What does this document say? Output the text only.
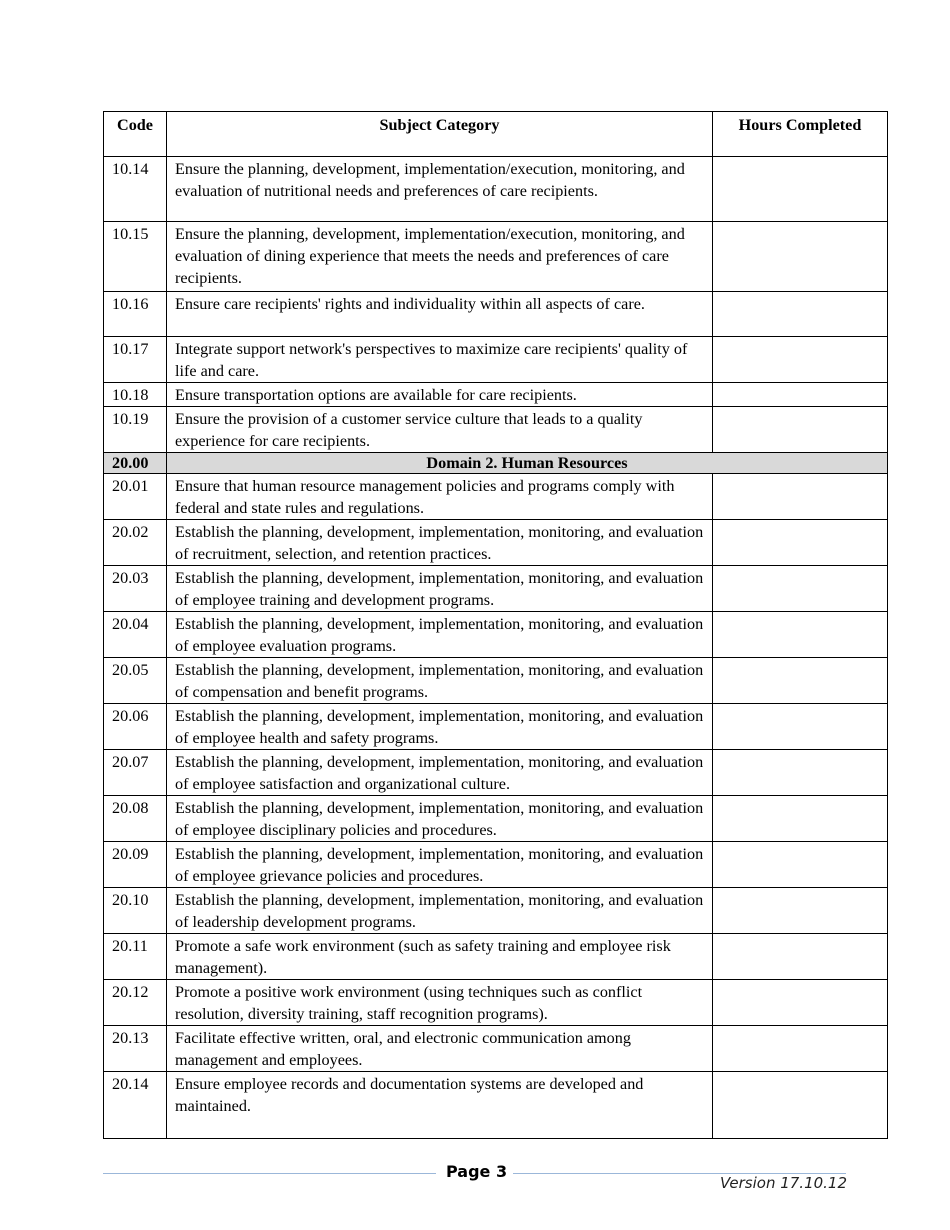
Code	Subject Category	Hours Completed
10.14	Ensure the planning, development, implementation/execution, monitoring, and evaluation of nutritional needs and preferences of care recipients.	
10.15	Ensure the planning, development, implementation/execution, monitoring, and evaluation of dining experience that meets the needs and preferences of care recipients.	
10.16	Ensure care recipients' rights and individuality within all aspects of care.	
10.17	Integrate support network's perspectives to maximize care recipients' quality of life and care.	
10.18	Ensure transportation options are available for care recipients.	
10.19	Ensure the provision of a customer service culture that leads to a quality experience for care recipients.	
20.00	Domain 2. Human Resources	
20.01	Ensure that human resource management policies and programs comply with federal and state rules and regulations.	
20.02	Establish the planning, development, implementation, monitoring, and evaluation of recruitment, selection, and retention practices.	
20.03	Establish the planning, development, implementation, monitoring, and evaluation of employee training and development programs.	
20.04	Establish the planning, development, implementation, monitoring, and evaluation of employee evaluation programs.	
20.05	Establish the planning, development, implementation, monitoring, and evaluation of compensation and benefit programs.	
20.06	Establish the planning, development, implementation, monitoring, and evaluation of employee health and safety programs.	
20.07	Establish the planning, development, implementation, monitoring, and evaluation of employee satisfaction and organizational culture.	
20.08	Establish the planning, development, implementation, monitoring, and evaluation of employee disciplinary policies and procedures.	
20.09	Establish the planning, development, implementation, monitoring, and evaluation of employee grievance policies and procedures.	
20.10	Establish the planning, development, implementation, monitoring, and evaluation of leadership development programs.	
20.11	Promote a safe work environment (such as safety training and employee risk management).	
20.12	Promote a positive work environment (using techniques such as conflict resolution, diversity training, staff recognition programs).	
20.13	Facilitate effective written, oral, and electronic communication among management and employees.	
20.14	Ensure employee records and documentation systems are developed and maintained.	
Page 3
Version 17.10.12
